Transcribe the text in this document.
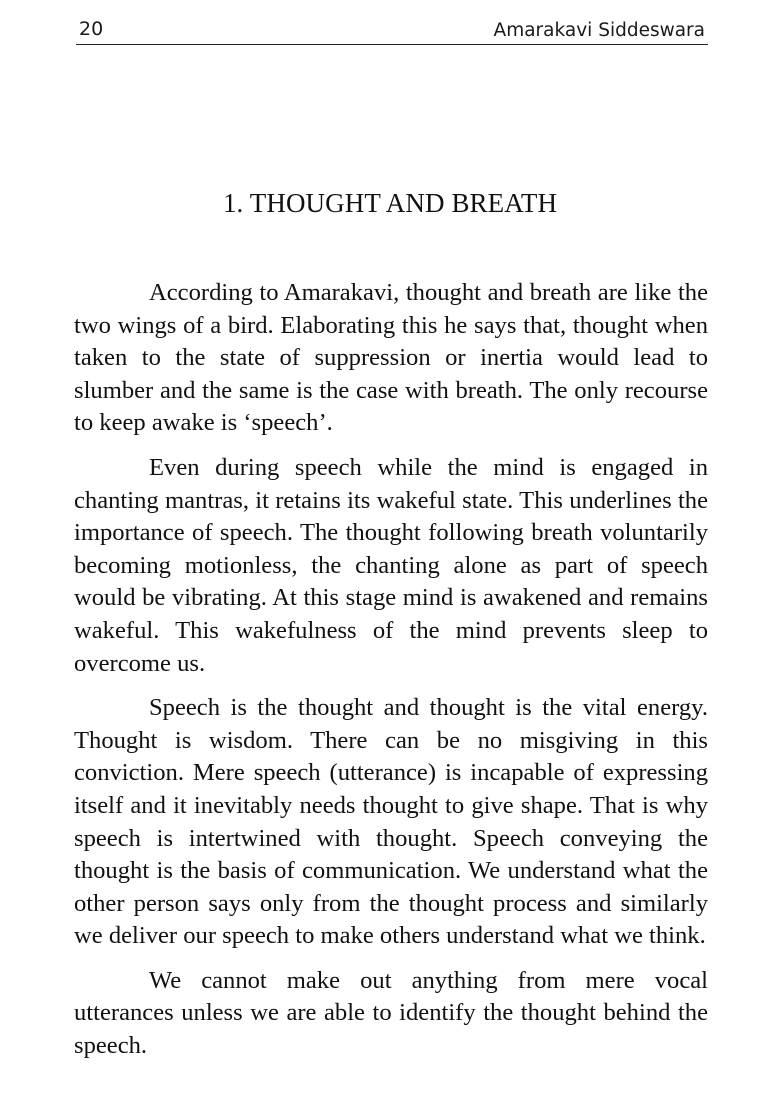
20	Amarakavi Siddeswara
1. THOUGHT AND BREATH

According to Amarakavi, thought and breath are like the two wings of a bird. Elaborating this he says that, thought when taken to the state of suppression or inertia would lead to slumber and the same is the case with breath. The only recourse to keep awake is ‘speech’.

Even during speech while the mind is engaged in chanting mantras, it retains its wakeful state. This underlines the importance of speech. The thought following breath voluntarily becoming motionless, the chanting alone as part of speech would be vibrating. At this stage mind is awakened and remains wakeful. This wakefulness of the mind prevents sleep to overcome us.

Speech is the thought and thought is the vital energy. Thought is wisdom. There can be no misgiving in this conviction. Mere speech (utterance) is incapable of expressing itself and it inevitably needs thought to give shape. That is why speech is intertwined with thought. Speech conveying the thought is the basis of communication. We understand what the other person says only from the thought process and similarly we deliver our speech to make others understand what we think.

We cannot make out anything from mere vocal utterances unless we are able to identify the thought behind the speech.
